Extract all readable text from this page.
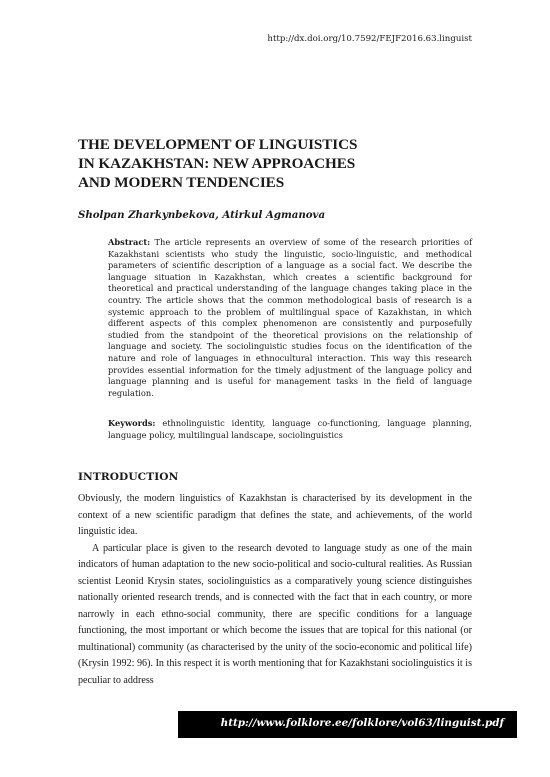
http://dx.doi.org/10.7592/FEJF2016.63.linguist
THE DEVELOPMENT OF LINGUISTICS
IN KAZAKHSTAN: NEW APPROACHES
AND MODERN TENDENCIES
Sholpan Zharkynbekova, Atirkul Agmanova

Abstract: The article represents an overview of some of the research priorities of Kazakhstani scientists who study the linguistic, socio-linguistic, and methodical parameters of scientific description of a language as a social fact. We describe the language situation in Kazakhstan, which creates a scientific background for theoretical and practical understanding of the language changes taking place in the country. The article shows that the common methodological basis of research is a systemic approach to the problem of multilingual space of Kazakhstan, in which different aspects of this complex phenomenon are consistently and purposefully studied from the standpoint of the theoretical provisions on the relationship of language and society. The sociolinguistic studies focus on the identification of the nature and role of languages in ethnocultural interaction. This way this research provides essential information for the timely adjustment of the language policy and language planning and is useful for management tasks in the field of language regulation.

Keywords: ethnolinguistic identity, language co-functioning, language planning, language policy, multilingual landscape, sociolinguistics

INTRODUCTION

Obviously, the modern linguistics of Kazakhstan is characterised by its development in the context of a new scientific paradigm that defines the state, and achievements, of the world linguistic idea.

A particular place is given to the research devoted to language study as one of the main indicators of human adaptation to the new socio-political and socio-cultural realities. As Russian scientist Leonid Krysin states, sociolinguistics as a comparatively young science distinguishes nationally oriented research trends, and is connected with the fact that in each country, or more narrowly in each ethno-social community, there are specific conditions for a language functioning, the most important or which become the issues that are topical for this national (or multinational) community (as characterised by the unity of the socio-economic and political life) (Krysin 1992: 96). In this respect it is worth mentioning that for Kazakhstani sociolinguistics it is peculiar to address

http://www.folklore.ee/folklore/vol63/linguist.pdf
